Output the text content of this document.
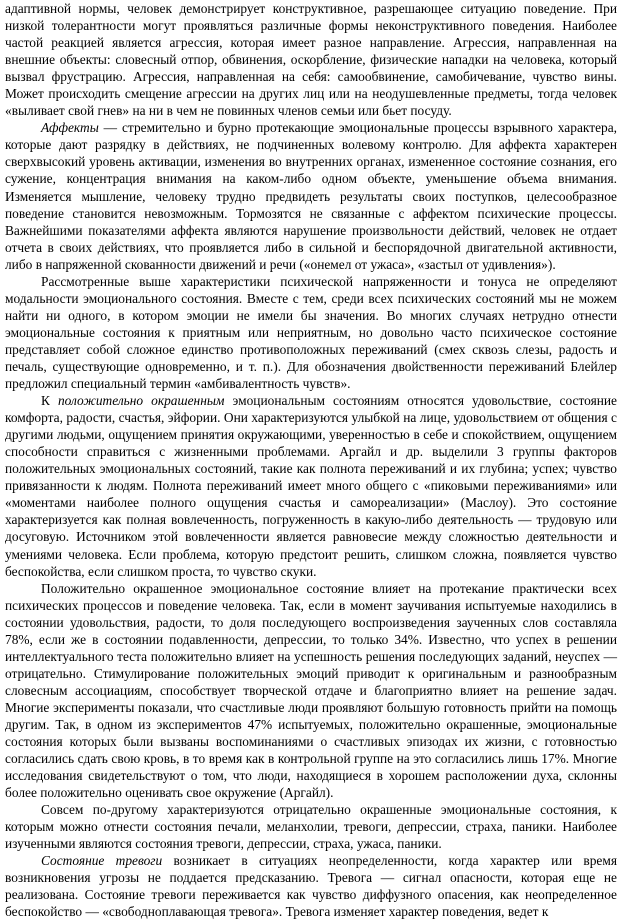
адаптивной нормы, человек демонстрирует конструктивное, разрешающее ситуацию поведение. При низкой толерантности могут проявляться различные формы неконструктивного поведения. Наиболее частой реакцией является агрессия, которая имеет разное направление. Агрессия, направленная на внешние объекты: словесный отпор, обвинения, оскорбление, физические нападки на человека, который вызвал фрустрацию. Агрессия, направленная на себя: самообвинение, самобичевание, чувство вины. Может происходить смещение агрессии на других лиц или на неодушевленные предметы, тогда человек «выливает свой гнев» на ни в чем не повинных членов семьи или бьет посуду.

Аффекты — стремительно и бурно протекающие эмоциональные процессы взрывного характера, которые дают разрядку в действиях, не подчиненных волевому контролю. Для аффекта характерен сверхвысокий уровень активации, изменения во внутренних органах, измененное состояние сознания, его сужение, концентрация внимания на каком-либо одном объекте, уменьшение объема внимания. Изменяется мышление, человеку трудно предвидеть результаты своих поступков, целесообразное поведение становится невозможным. Тормозятся не связанные с аффектом психические процессы. Важнейшими показателями аффекта являются нарушение произвольности действий, человек не отдает отчета в своих действиях, что проявляется либо в сильной и беспорядочной двигательной активности, либо в напряженной скованности движений и речи («онемел от ужаса», «застыл от удивления»).

Рассмотренные выше характеристики психической напряженности и тонуса не определяют модальности эмоционального состояния. Вместе с тем, среди всех психических состояний мы не можем найти ни одного, в котором эмоции не имели бы значения. Во многих случаях нетрудно отнести эмоциональные состояния к приятным или неприятным, но довольно часто психическое состояние представляет собой сложное единство противоположных переживаний (смех сквозь слезы, радость и печаль, существующие одновременно, и т. п.). Для обозначения двойственности переживаний Блейлер предложил специальный термин «амбивалентность чувств».

К положительно окрашенным эмоциональным состояниям относятся удовольствие, состояние комфорта, радости, счастья, эйфории. Они характеризуются улыбкой на лице, удовольствием от общения с другими людьми, ощущением принятия окружающими, уверенностью в себе и спокойствием, ощущением способности справиться с жизненными проблемами. Аргайл и др. выделили 3 группы факторов положительных эмоциональных состояний, такие как полнота переживаний и их глубина; успех; чувство привязанности к людям. Полнота переживаний имеет много общего с «пиковыми переживаниями» или «моментами наиболее полного ощущения счастья и самореализации» (Маслоу). Это состояние характеризуется как полная вовлеченность, погруженность в какую-либо деятельность — трудовую или досуговую. Источником этой вовлеченности является равновесие между сложностью деятельности и умениями человека. Если проблема, которую предстоит решить, слишком сложна, появляется чувство беспокойства, если слишком проста, то чувство скуки.

Положительно окрашенное эмоциональное состояние влияет на протекание практически всех психических процессов и поведение человека. Так, если в момент заучивания испытуемые находились в состоянии удовольствия, радости, то доля последующего воспроизведения заученных слов составляла 78%, если же в состоянии подавленности, депрессии, то только 34%. Известно, что успех в решении интеллектуального теста положительно влияет на успешность решения последующих заданий, неуспех — отрицательно. Стимулирование положительных эмоций приводит к оригинальным и разнообразным словесным ассоциациям, способствует творческой отдаче и благоприятно влияет на решение задач. Многие эксперименты показали, что счастливые люди проявляют большую готовность прийти на помощь другим. Так, в одном из экспериментов 47% испытуемых, положительно окрашенные, эмоциональные состояния которых были вызваны воспоминаниями о счастливых эпизодах их жизни, с готовностью согласились сдать свою кровь, в то время как в контрольной группе на это согласились лишь 17%. Многие исследования свидетельствуют о том, что люди, находящиеся в хорошем расположении духа, склонны более положительно оценивать свое окружение (Аргайл).

Совсем по-другому характеризуются отрицательно окрашенные эмоциональные состояния, к которым можно отнести состояния печали, меланхолии, тревоги, депрессии, страха, паники. Наиболее изученными являются состояния тревоги, депрессии, страха, ужаса, паники.

Состояние тревоги возникает в ситуациях неопределенности, когда характер или время возникновения угрозы не поддается предсказанию. Тревога — сигнал опасности, которая еще не реализована. Состояние тревоги переживается как чувство диффузного опасения, как неопределенное беспокойство — «свободноплавающая тревога». Тревога изменяет характер поведения, ведет к
